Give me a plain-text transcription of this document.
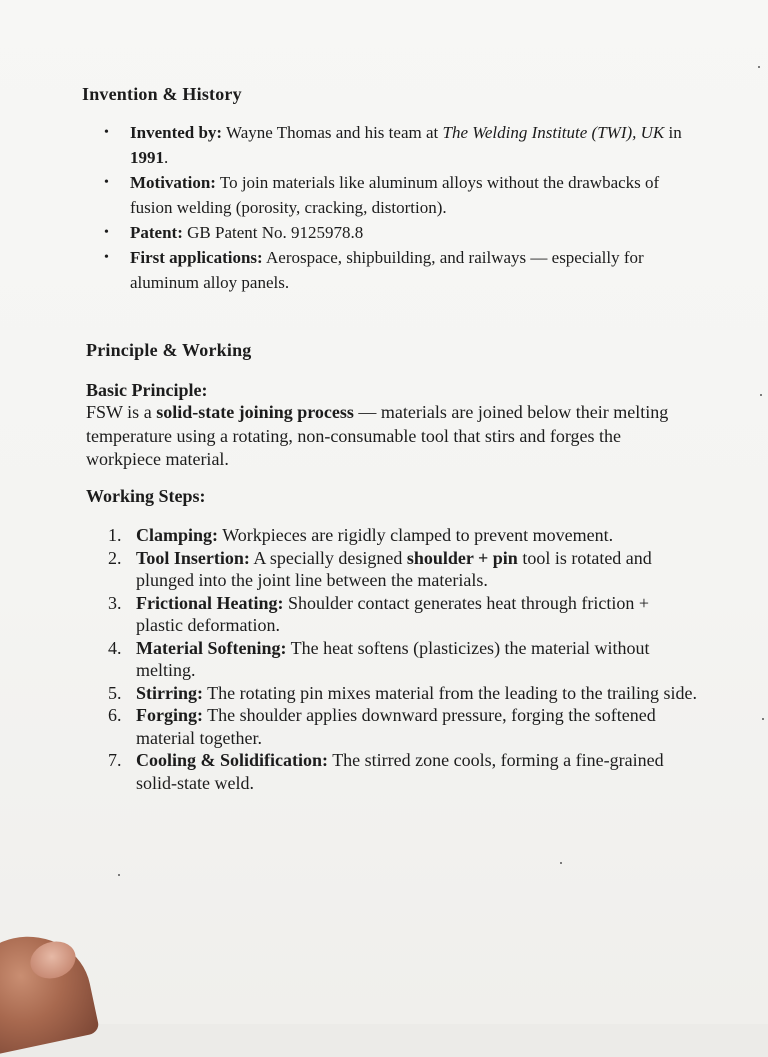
Invention & History
• Invented by: Wayne Thomas and his team at The Welding Institute (TWI), UK in 1991.
• Motivation: To join materials like aluminum alloys without the drawbacks of fusion welding (porosity, cracking, distortion).
• Patent: GB Patent No. 9125978.8
• First applications: Aerospace, shipbuilding, and railways — especially for aluminum alloy panels.
Principle & Working
Basic Principle:

FSW is a solid-state joining process — materials are joined below their melting temperature using a rotating, non-consumable tool that stirs and forges the workpiece material.

Working Steps:
1. Clamping: Workpieces are rigidly clamped to prevent movement.
2. Tool Insertion: A specially designed shoulder + pin tool is rotated and plunged into the joint line between the materials.
3. Frictional Heating: Shoulder contact generates heat through friction + plastic deformation.
4. Material Softening: The heat softens (plasticizes) the material without melting.
5. Stirring: The rotating pin mixes material from the leading to the trailing side.
6. Forging: The shoulder applies downward pressure, forging the softened material together.
7. Cooling & Solidification: The stirred zone cools, forming a fine-grained solid-state weld.
